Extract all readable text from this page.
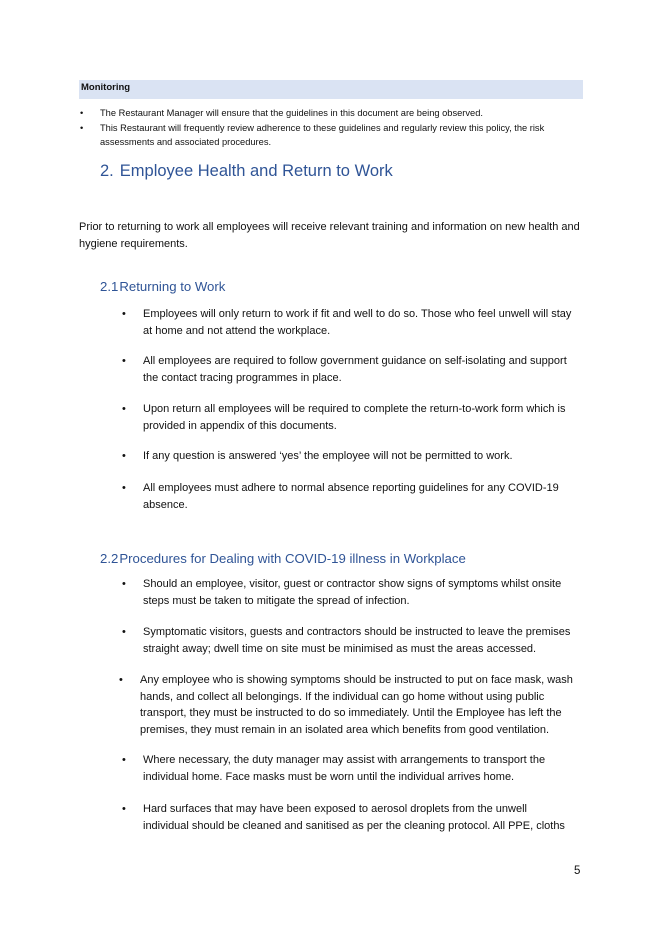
Monitoring
• The Restaurant Manager will ensure that the guidelines in this document are being observed.
• This Restaurant will frequently review adherence to these guidelines and regularly review this policy, the risk assessments and associated procedures.
2. Employee Health and Return to Work
Prior to returning to work all employees will receive relevant training and information on new health and hygiene requirements.
2.1Returning to Work
• Employees will only return to work if fit and well to do so. Those who feel unwell will stay at home and not attend the workplace.
• All employees are required to follow government guidance on self-isolating and support the contact tracing programmes in place.
• Upon return all employees will be required to complete the return-to-work form which is provided in appendix of this documents.
• If any question is answered ‘yes’ the employee will not be permitted to work.
• All employees must adhere to normal absence reporting guidelines for any COVID-19 absence.
2.2Procedures for Dealing with COVID-19 illness in Workplace
• Should an employee, visitor, guest or contractor show signs of symptoms whilst onsite steps must be taken to mitigate the spread of infection.
• Symptomatic visitors, guests and contractors should be instructed to leave the premises straight away; dwell time on site must be minimised as must the areas accessed.
• Any employee who is showing symptoms should be instructed to put on face mask, wash hands, and collect all belongings. If the individual can go home without using public transport, they must be instructed to do so immediately. Until the Employee has left the premises, they must remain in an isolated area which benefits from good ventilation.
• Where necessary, the duty manager may assist with arrangements to transport the individual home. Face masks must be worn until the individual arrives home.
• Hard surfaces that may have been exposed to aerosol droplets from the unwell individual should be cleaned and sanitised as per the cleaning protocol. All PPE, cloths
5
